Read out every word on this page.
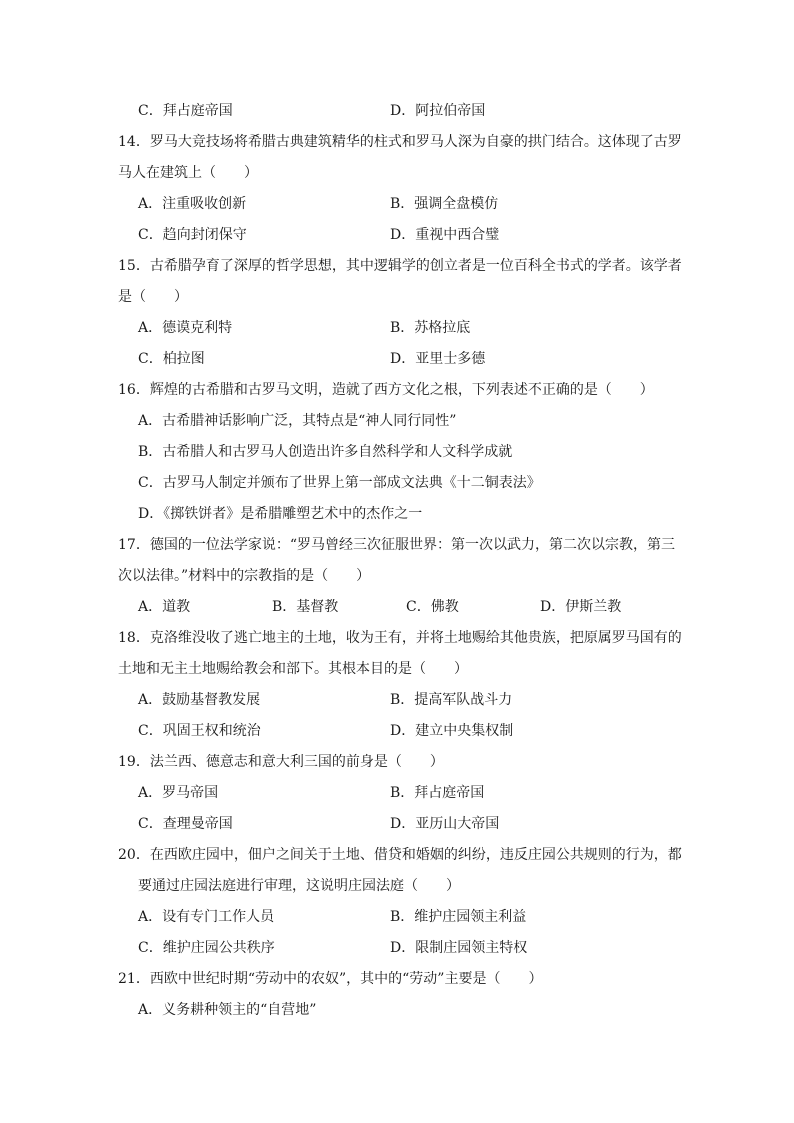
C．拜占庭帝国	D．阿拉伯帝国
14．罗马大竞技场将希腊古典建筑精华的柱式和罗马人深为自豪的拱门结合。这体现了古罗
马人在建筑上（　　）
A．注重吸收创新	B．强调全盘模仿
C．趋向封闭保守	D．重视中西合璧
15．古希腊孕育了深厚的哲学思想，其中逻辑学的创立者是一位百科全书式的学者。该学者
是（　　）
A．德谟克利特	B．苏格拉底
C．柏拉图	D．亚里士多德
16．辉煌的古希腊和古罗马文明，造就了西方文化之根，下列表述不正确的是（　　）
A．古希腊神话影响广泛，其特点是“神人同行同性”
B．古希腊人和古罗马人创造出许多自然科学和人文科学成就
C．古罗马人制定并颁布了世界上第一部成文法典《十二铜表法》
D．《掷铁饼者》是希腊雕塑艺术中的杰作之一
17．德国的一位法学家说：“罗马曾经三次征服世界：第一次以武力，第二次以宗教，第三
次以法律。”材料中的宗教指的是（　　）
A．道教	B．基督教	C．佛教	D．伊斯兰教
18．克洛维没收了逃亡地主的土地，收为王有，并将土地赐给其他贵族，把原属罗马国有的
土地和无主土地赐给教会和部下。其根本目的是（　　）
A．鼓励基督教发展	B．提高军队战斗力
C．巩固王权和统治	D．建立中央集权制
19．法兰西、德意志和意大利三国的前身是（　　）
A．罗马帝国	B．拜占庭帝国
C．查理曼帝国	D．亚历山大帝国
20．在西欧庄园中，佃户之间关于土地、借贷和婚姻的纠纷，违反庄园公共规则的行为，都
要通过庄园法庭进行审理，这说明庄园法庭（　　）
A．设有专门工作人员	B．维护庄园领主利益
C．维护庄园公共秩序	D．限制庄园领主特权
21．西欧中世纪时期“劳动中的农奴”，其中的“劳动”主要是（　　）
A．义务耕种领主的“自营地”
